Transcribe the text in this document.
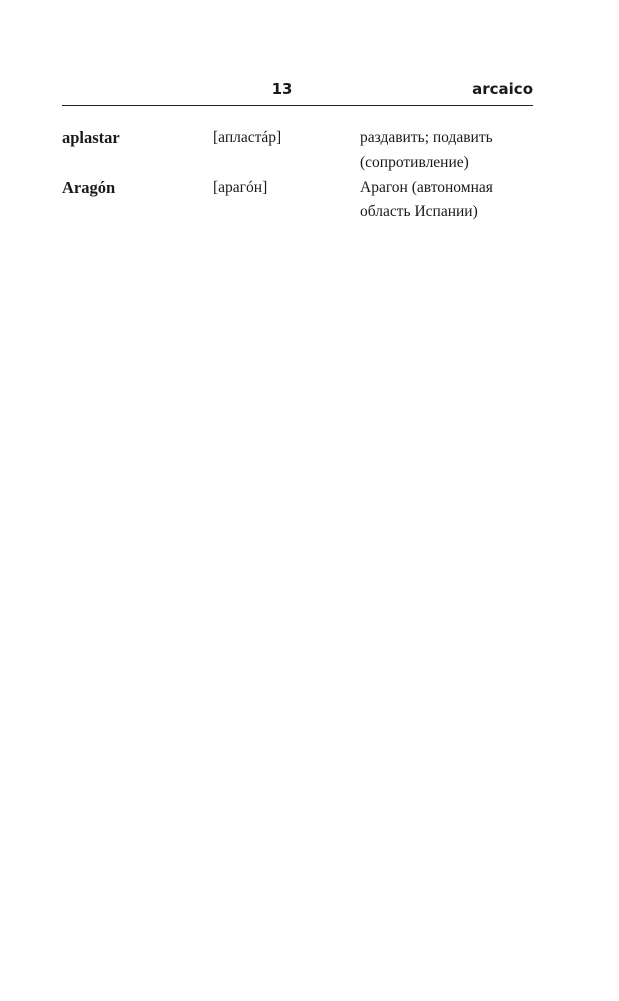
13	arcaico
aplastar	[апластáр]	раздавить; подавить (сопротивление)
Aragón	[арагóн]	Арагон (автономная область Испании)
